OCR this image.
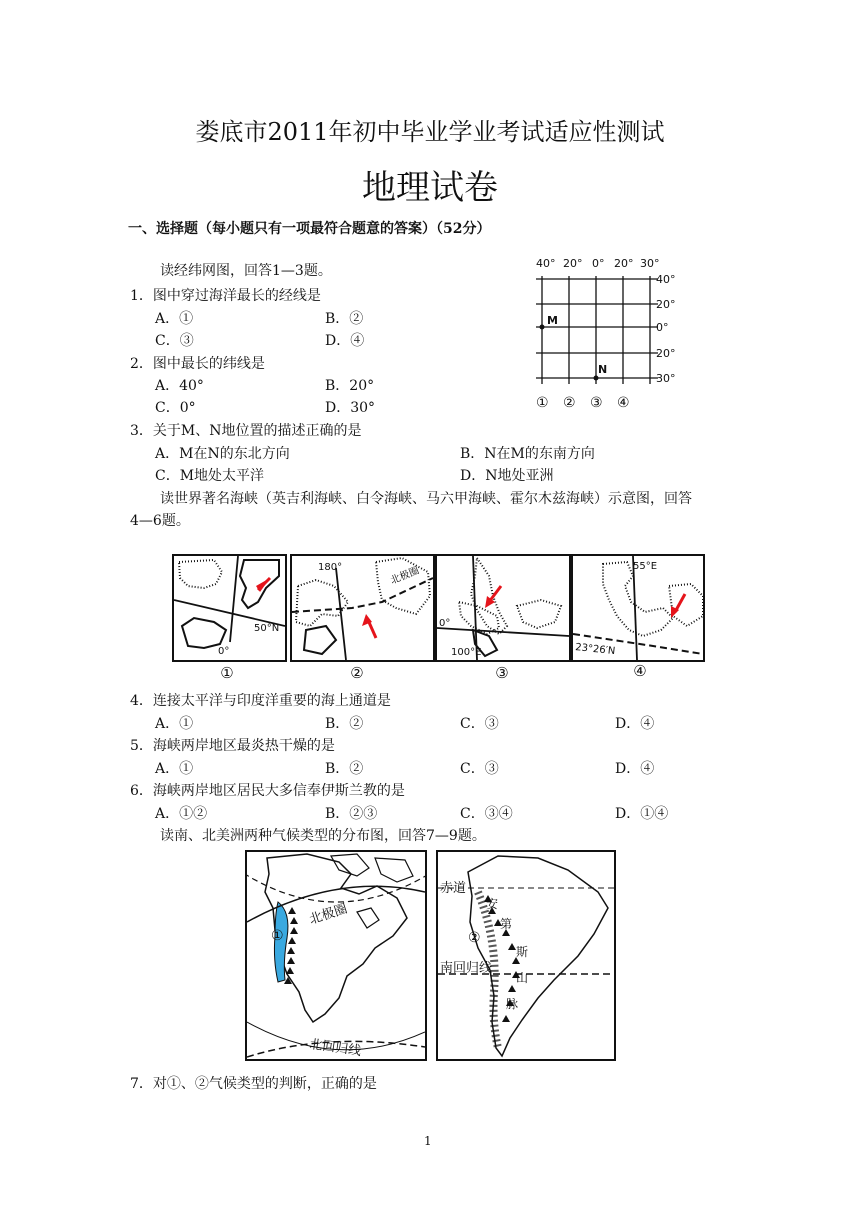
娄底市2011年初中毕业学业考试适应性测试
地理试卷
一、选择题（每小题只有一项最符合题意的答案）（52分）
读经纬网图，回答1—3题。
1．图中穿过海洋最长的经线是
A．①	B．②
C．③	D．④
2．图中最长的纬线是
A．40°	B．20°
C．0°	D．30°
3．关于M、N地位置的描述正确的是
A．M在N的东北方向	B．N在M的东南方向
C．M地处太平洋	D．N地处亚洲
40° 20° 0° 20° 30°
40°
20°
0°
20°
30°
① ② ③ ④
M
N
读世界著名海峡（英吉利海峡、白令海峡、马六甲海峡、霍尔木兹海峡）示意图，回答
4—6题。
50°N
0°
180°	北极圈
0°
100°E
55°E
23°26′N
①	②	③	④
4．连接太平洋与印度洋重要的海上通道是
A．①	B．②	C．③	D．④
5．海峡两岸地区最炎热干燥的是
A．①	B．②	C．③	D．④
6．海峡两岸地区居民大多信奉伊斯兰教的是
A．①②	B．②③	C．③④	D．①④
读南、北美洲两种气候类型的分布图，回答7—9题。
北极圈
北回归线
①
赤道
南回归线
②
安
第
斯
山
脉
7．对①、②气候类型的判断，正确的是
1
